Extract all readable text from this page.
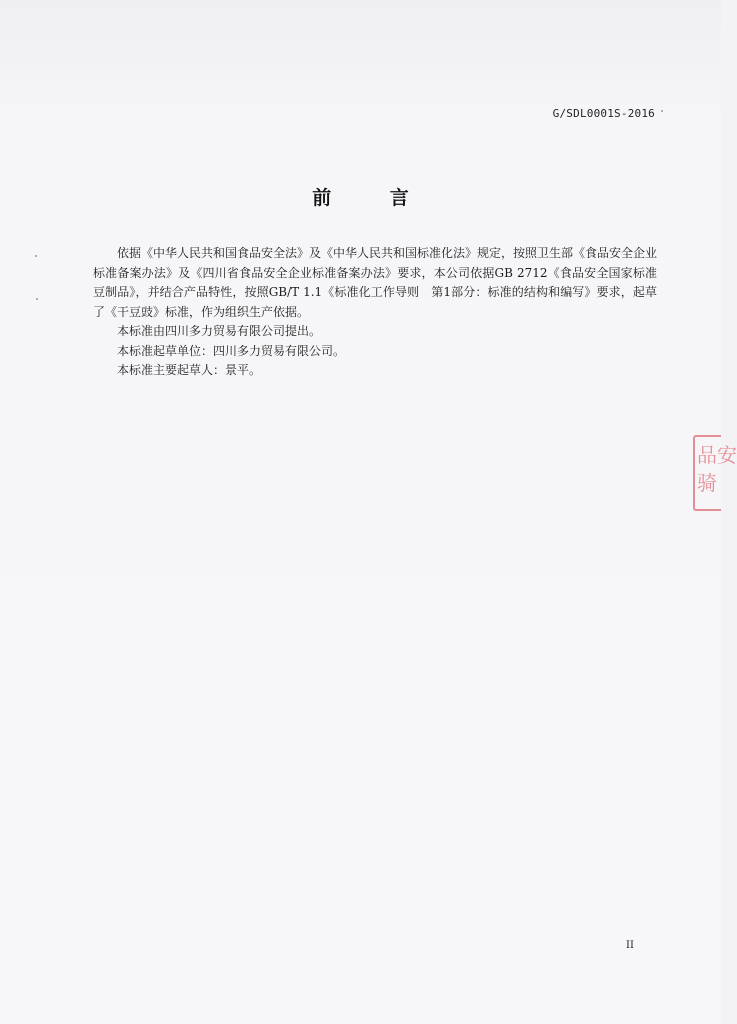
G/SDL0001S-2016
前 言

依据《中华人民共和国食品安全法》及《中华人民共和国标准化法》规定，按照卫生部《食品安全企业标准备案办法》及《四川省食品安全企业标准备案办法》要求，本公司依据GB 2712《食品安全国家标准　豆制品》，并结合产品特性，按照GB/T 1.1《标准化工作导则　第1部分：标准的结构和编写》要求，起草了《干豆豉》标准，作为组织生产依据。

本标准由四川多力贸易有限公司提出。

本标准起草单位：四川多力贸易有限公司。

本标准主要起草人：景平。

II
品安
骑
